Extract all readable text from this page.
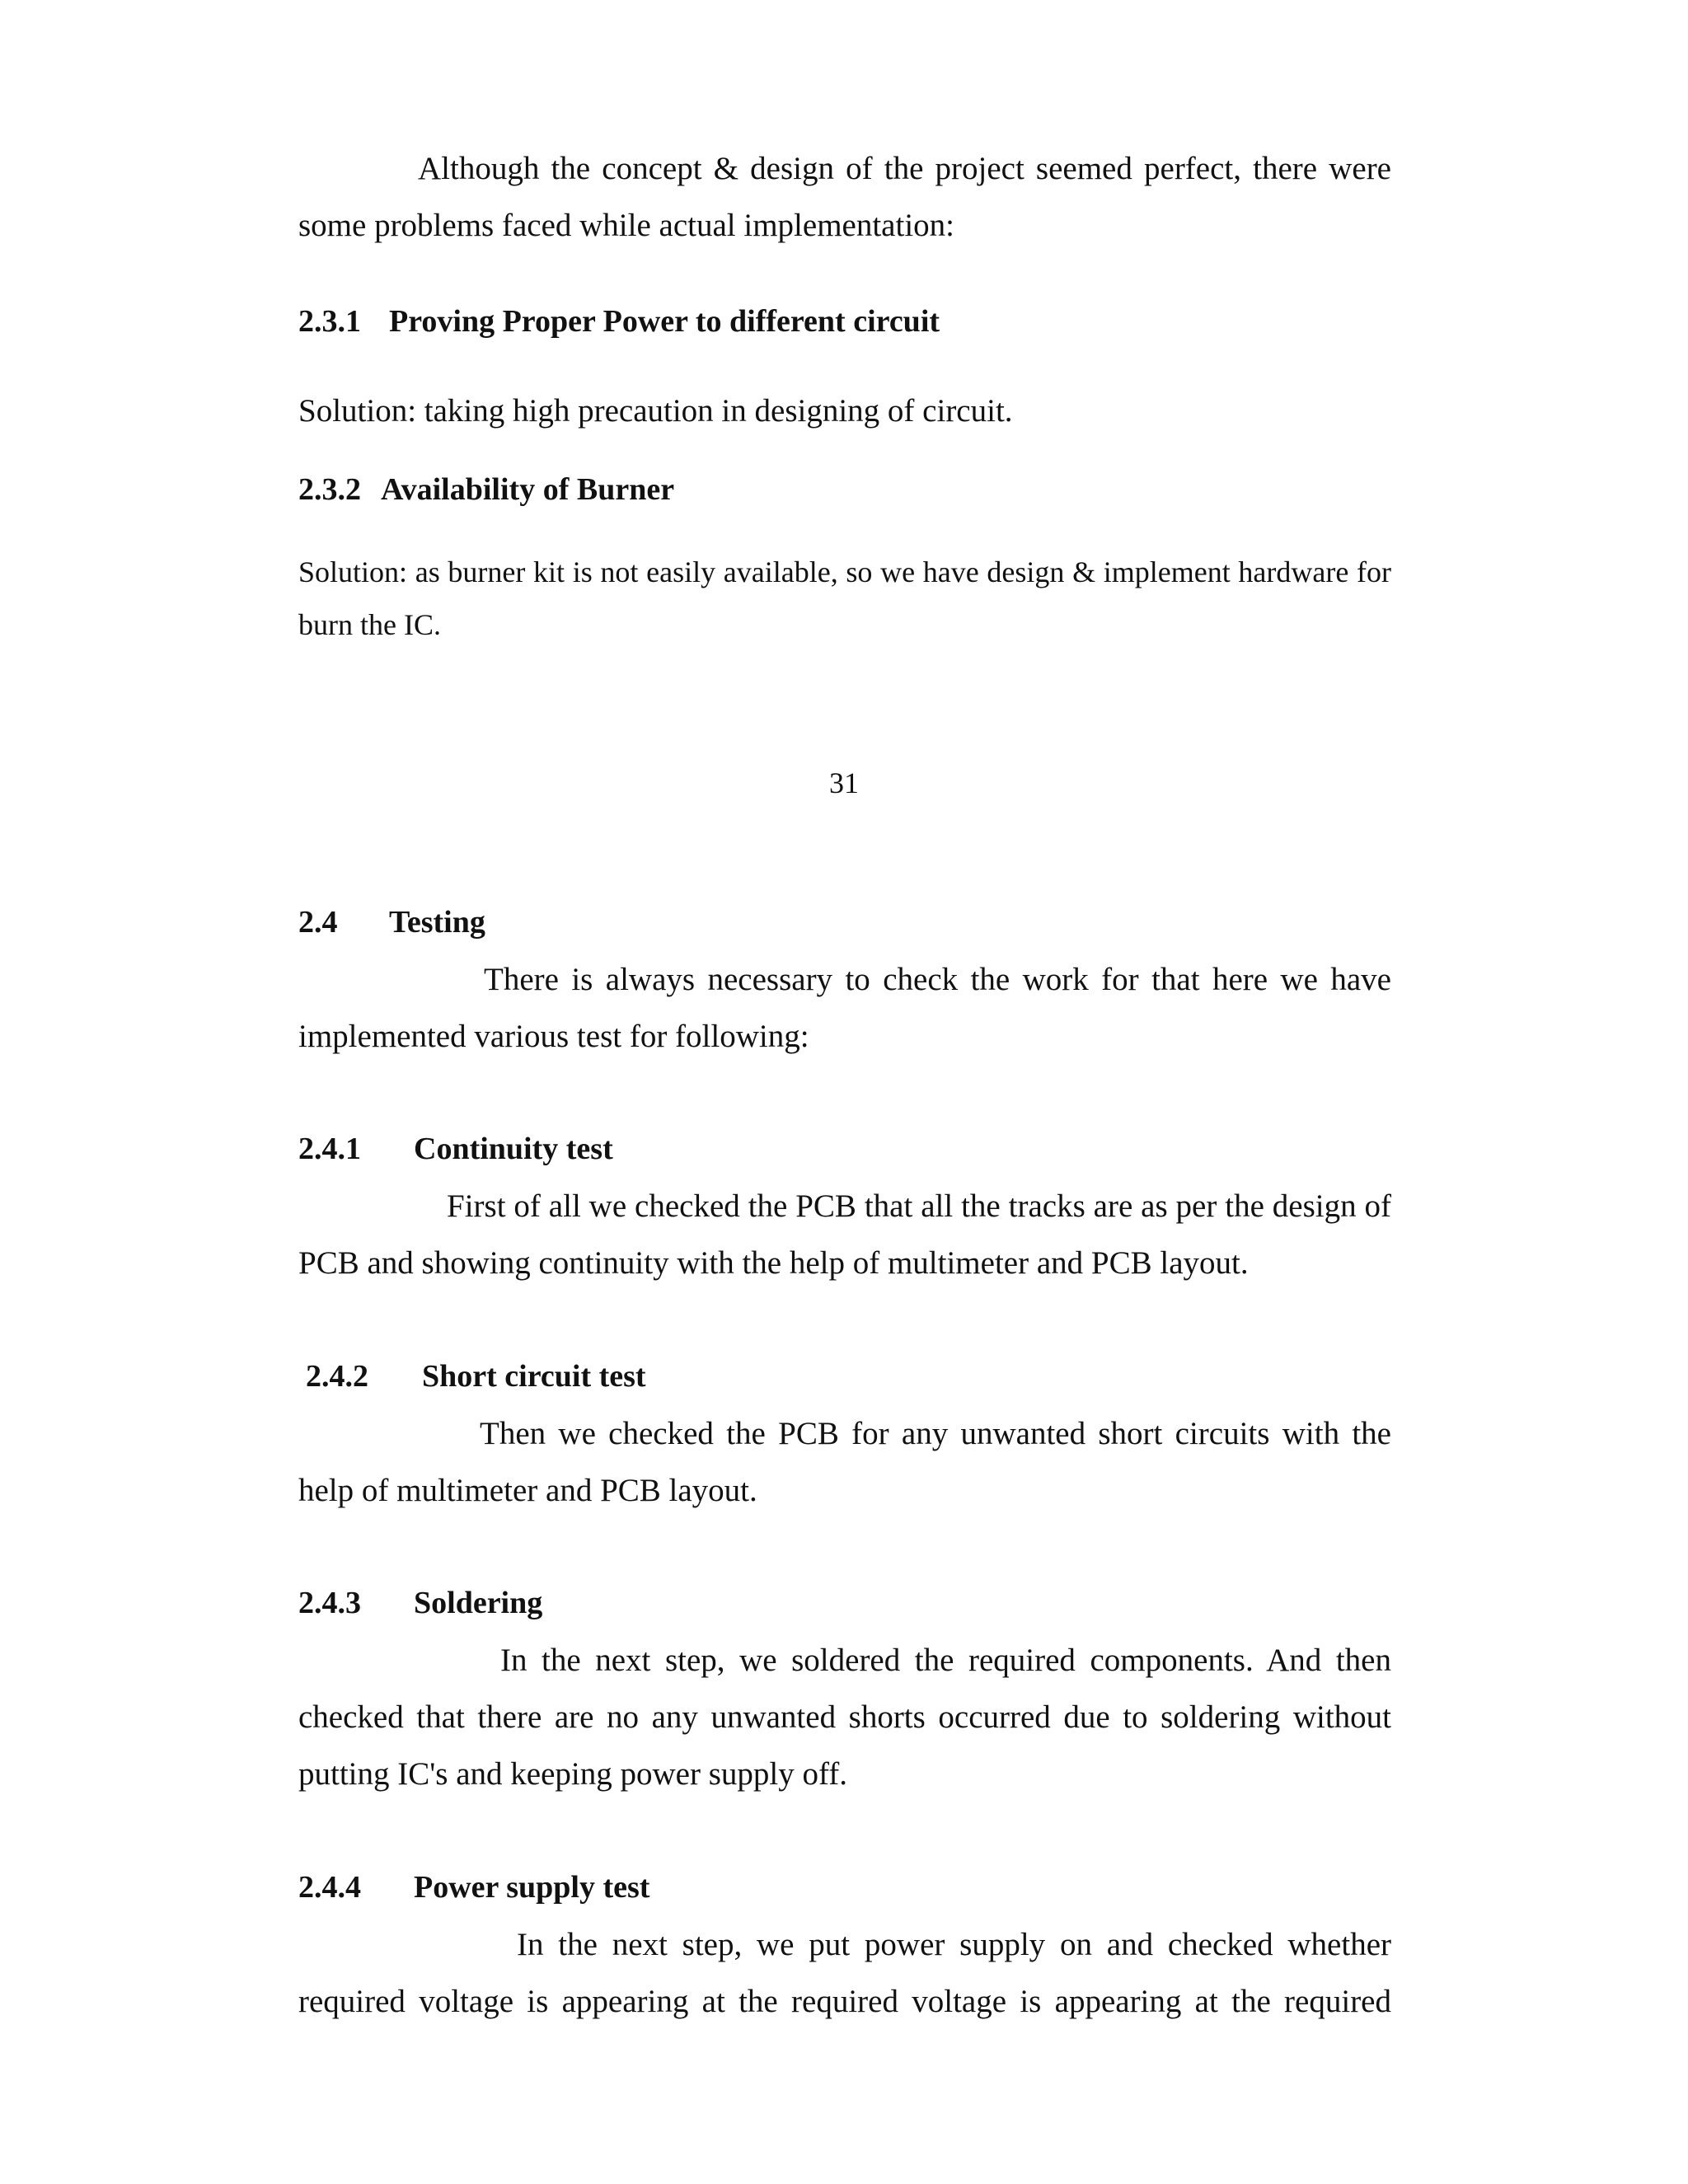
Although the concept & design of the project seemed perfect, there were some problems faced while actual implementation:

2.3.1 Proving Proper Power to different circuit

Solution: taking high precaution in designing of circuit.

2.3.2 Availability of Burner

Solution: as burner kit is not easily available, so we have design & implement hardware for burn the IC.

31

2.4 Testing

There is always necessary to check the work for that here we have implemented various test for following:

2.4.1 Continuity test

First of all we checked the PCB that all the tracks are as per the design of PCB and showing continuity with the help of multimeter and PCB layout.

2.4.2 Short circuit test

Then we checked the PCB for any unwanted short circuits with the help of multimeter and PCB layout.

2.4.3 Soldering

In the next step, we soldered the required components. And then checked that there are no any unwanted shorts occurred due to soldering without putting IC's and keeping power supply off.

2.4.4 Power supply test

In the next step, we put power supply on and checked whether required voltage is appearing at the required voltage is appearing at the required
